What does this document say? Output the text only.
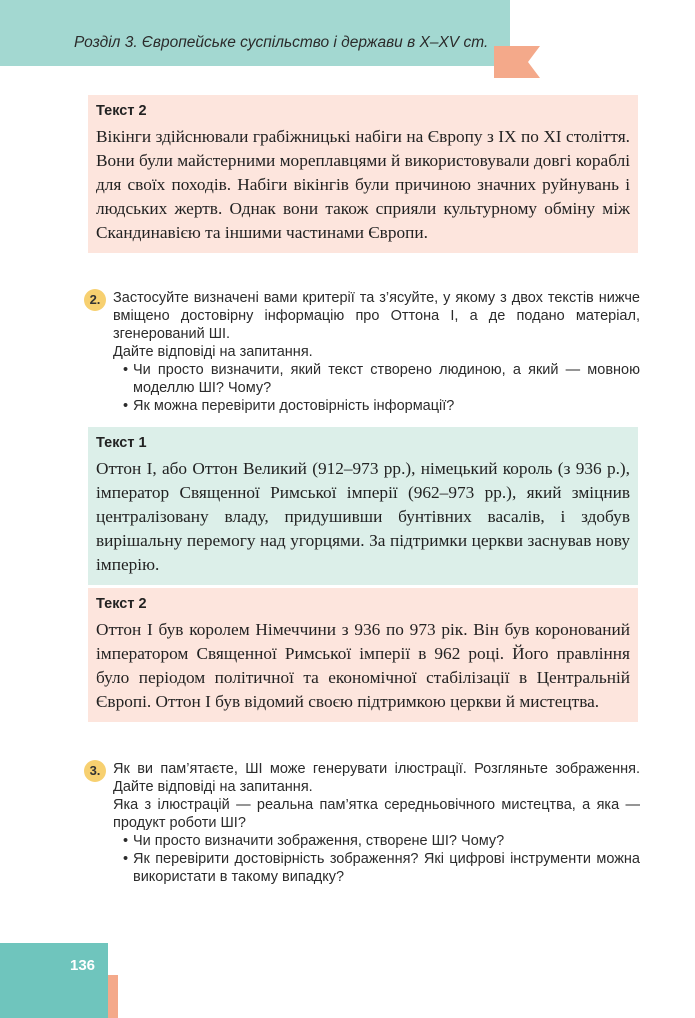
Розділ 3. Європейське суспільство і держави в X–XV ст.
Текст 2

Вікінги здійснювали грабіжницькі набіги на Європу з IX по XI століття. Вони були майстерними мореплавцями й використовували довгі кораблі для своїх походів. Набіги вікінгів були причиною значних руйнувань і людських жертв. Однак вони також сприяли культурному обміну між Скандинавією та іншими частинами Європи.

2. Застосуйте визначені вами критерії та з’ясуйте, у якому з двох текстів нижче вміщено достовірну інформацію про Оттона I, а де подано матеріал, згенерований ШІ.

Дайте відповіді на запитання.

• Чи просто визначити, який текст створено людиною, а який — мовною моделлю ШІ? Чому?
• Як можна перевірити достовірність інформації?
Текст 1

Оттон I, або Оттон Великий (912–973 рр.), німецький король (з 936 р.), імператор Священної Римської імперії (962–973 рр.), який зміцнив централізовану владу, придушивши бунтівних васалів, і здобув вирішальну перемогу над угорцями. За підтримки церкви заснував нову імперію.

Текст 2

Оттон I був королем Німеччини з 936 по 973 рік. Він був коронований імператором Священної Римської імперії в 962 році. Його правління було періодом політичної та економічної стабілізації в Центральній Європі. Оттон I був відомий своєю підтримкою церкви й мистецтва.

3. Як ви пам’ятаєте, ШІ може генерувати ілюстрації. Розгляньте зображення. Дайте відповіді на запитання.

Яка з ілюстрацій — реальна пам’ятка середньовічного мистецтва, а яка — продукт роботи ШІ?

• Чи просто визначити зображення, створене ШІ? Чому?
• Як перевірити достовірність зображення? Які цифрові інструменти можна використати в такому випадку?
136
